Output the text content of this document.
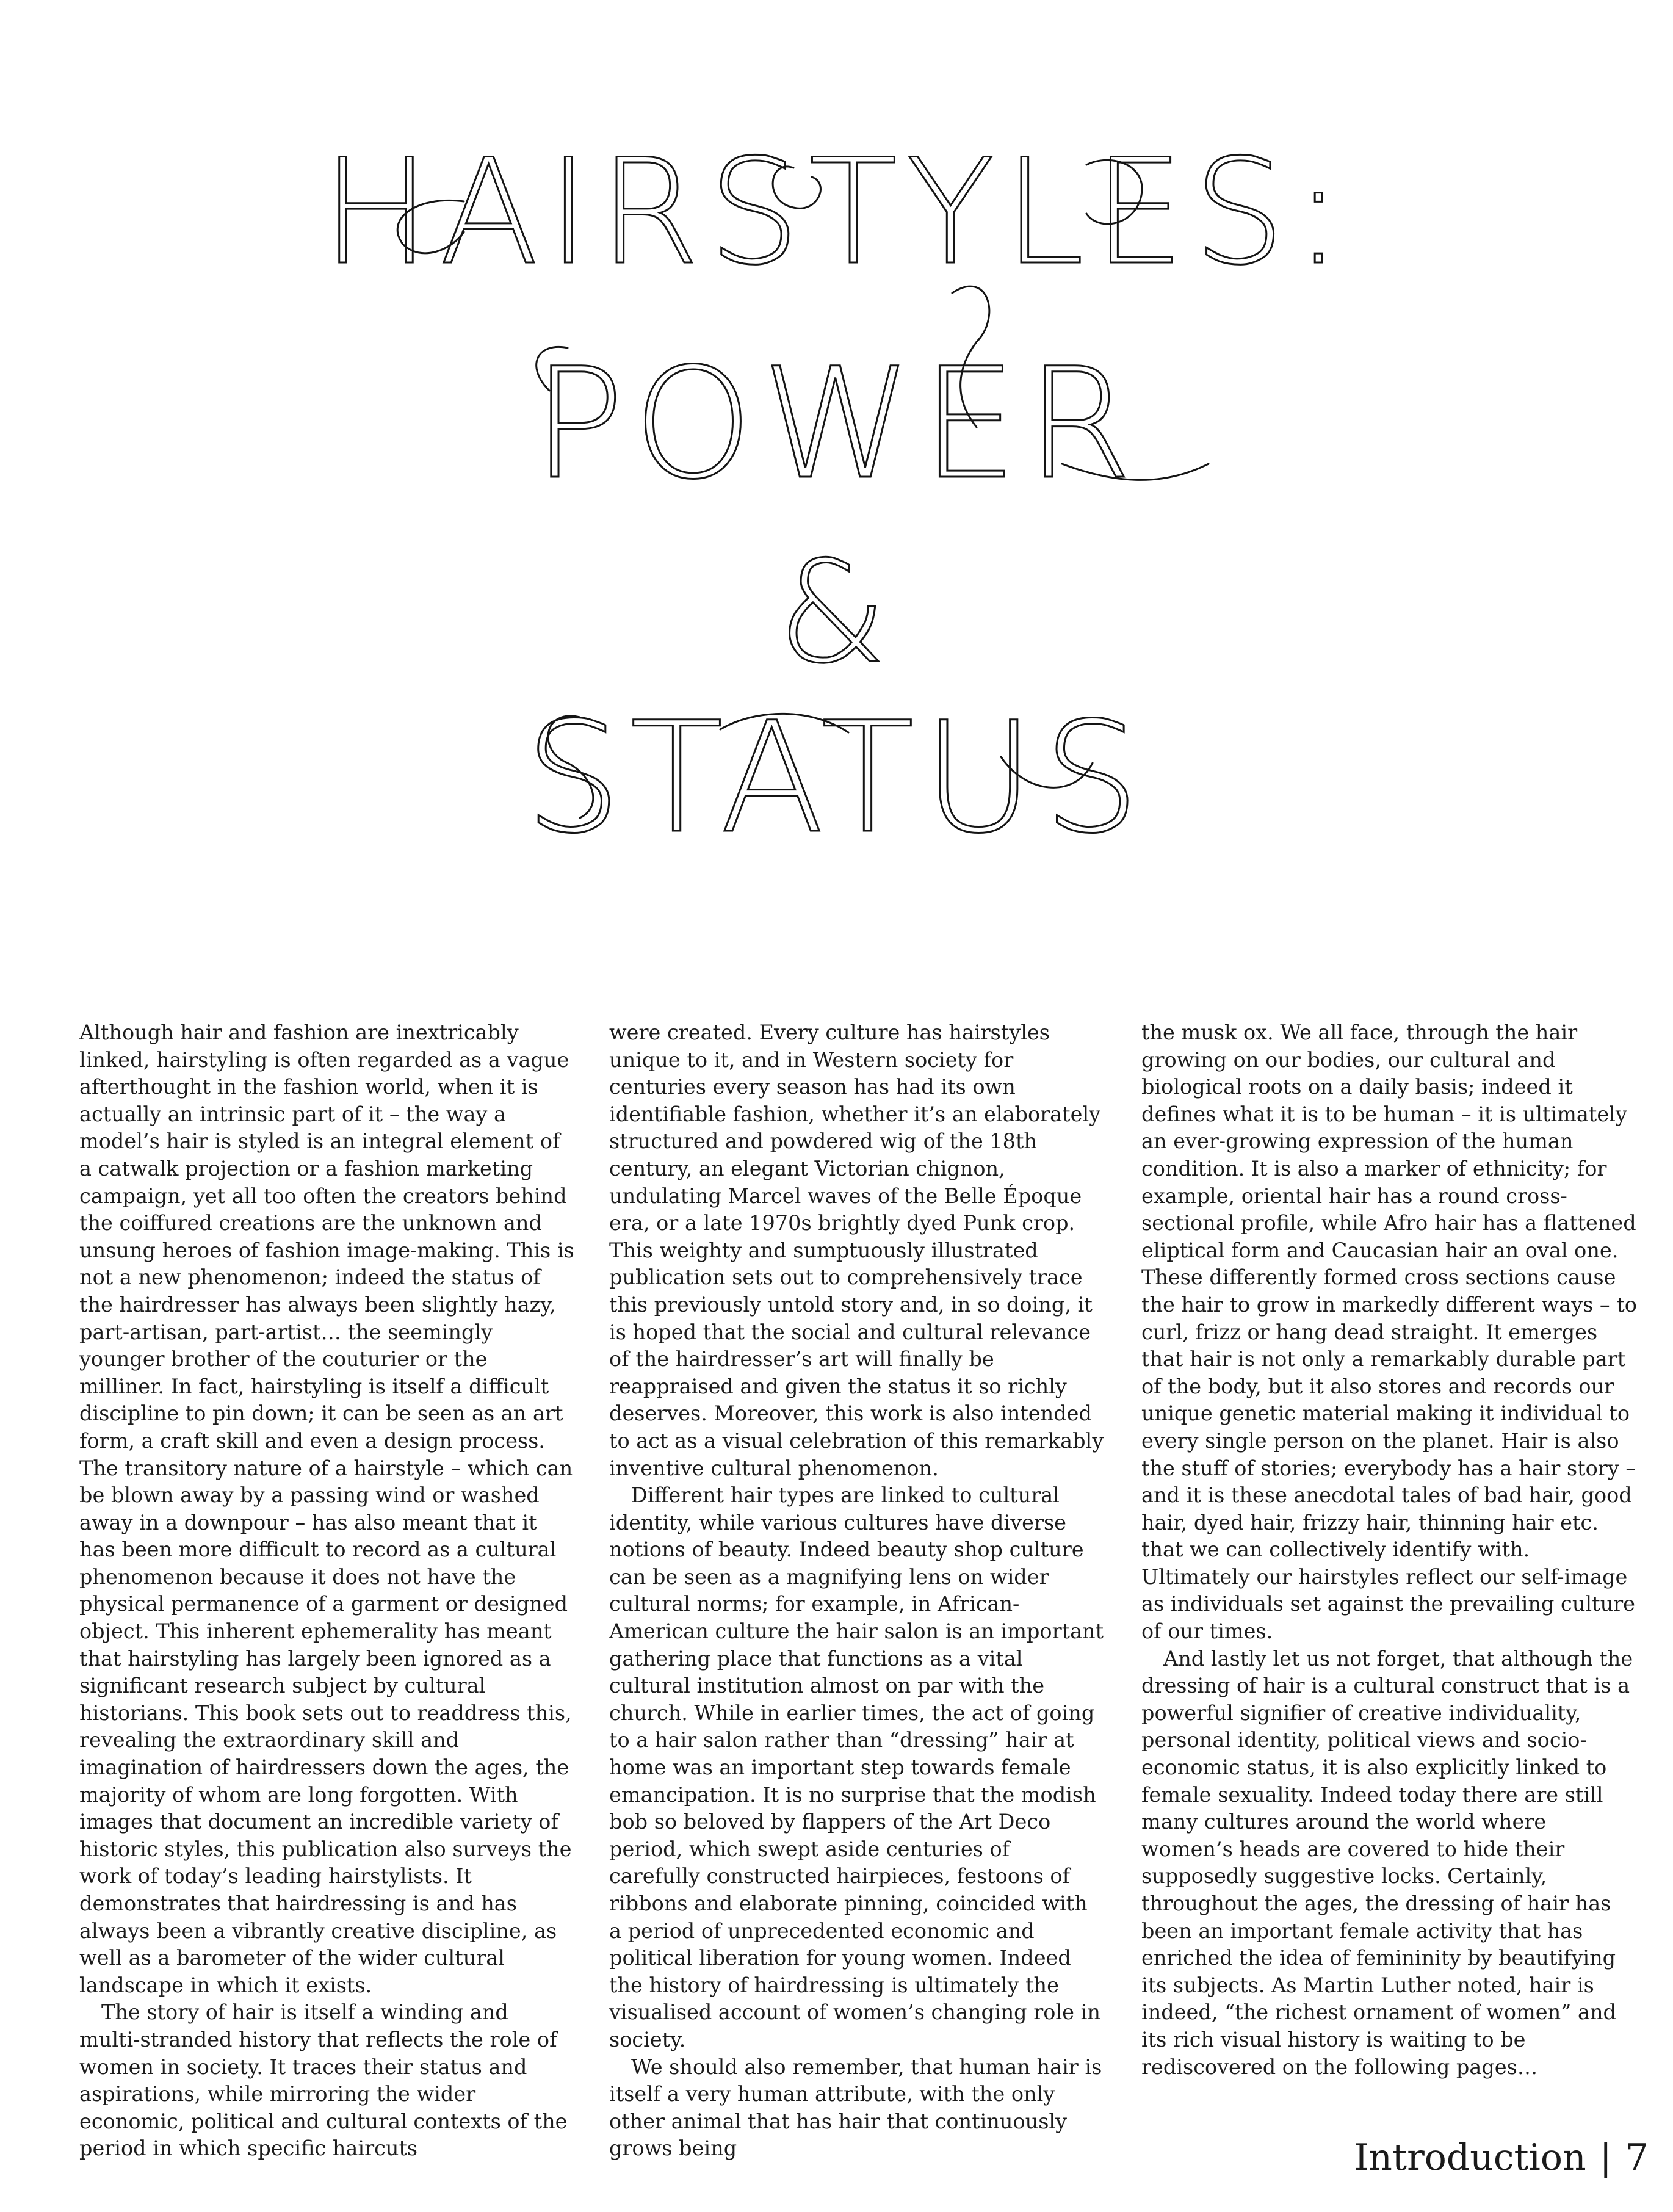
HAIRSTYLES:
POWER
&
STATUS

Although hair and fashion are inextricably linked, hairstyling is often regarded as a vague afterthought in the fashion world, when it is actually an intrinsic part of it – the way a model’s hair is styled is an integral element of a catwalk projection or a fashion marketing campaign, yet all too often the creators behind the coiffured creations are the unknown and unsung heroes of fashion image-making. This is not a new phenomenon; indeed the status of the hairdresser has always been slightly hazy, part-artisan, part-artist… the seemingly younger brother of the couturier or the milliner. In fact, hairstyling is itself a difficult discipline to pin down; it can be seen as an art form, a craft skill and even a design process. The transitory nature of a hairstyle – which can be blown away by a passing wind or washed away in a downpour – has also meant that it has been more difficult to record as a cultural phenomenon because it does not have the physical permanence of a garment or designed object. This inherent ephemerality has meant that hairstyling has largely been ignored as a significant research subject by cultural historians. This book sets out to readdress this, revealing the extraordinary skill and imagination of hairdressers down the ages, the majority of whom are long forgotten. With images that document an incredible variety of historic styles, this publication also surveys the work of today’s leading hairstylists. It demonstrates that hairdressing is and has always been a vibrantly creative discipline, as well as a barometer of the wider cultural landscape in which it exists.

The story of hair is itself a winding and multi-stranded history that reflects the role of women in society. It traces their status and aspirations, while mirroring the wider economic, political and cultural contexts of the period in which specific haircuts

were created. Every culture has hairstyles unique to it, and in Western society for centuries every season has had its own identifiable fashion, whether it’s an elaborately structured and powdered wig of the 18th century, an elegant Victorian chignon, undulating Marcel waves of the Belle Époque era, or a late 1970s brightly dyed Punk crop. This weighty and sumptuously illustrated publication sets out to comprehensively trace this previously untold story and, in so doing, it is hoped that the social and cultural relevance of the hairdresser’s art will finally be reappraised and given the status it so richly deserves. Moreover, this work is also intended to act as a visual celebration of this remarkably inventive cultural phenomenon.

Different hair types are linked to cultural identity, while various cultures have diverse notions of beauty. Indeed beauty shop culture can be seen as a magnifying lens on wider cultural norms; for example, in African-American culture the hair salon is an important gathering place that functions as a vital cultural institution almost on par with the church. While in earlier times, the act of going to a hair salon rather than “dressing” hair at home was an important step towards female emancipation. It is no surprise that the modish bob so beloved by flappers of the Art Deco period, which swept aside centuries of carefully constructed hairpieces, festoons of ribbons and elaborate pinning, coincided with a period of unprecedented economic and political liberation for young women. Indeed the history of hairdressing is ultimately the visualised account of women’s changing role in society.

We should also remember, that human hair is itself a very human attribute, with the only other animal that has hair that continuously grows being

the musk ox. We all face, through the hair growing on our bodies, our cultural and biological roots on a daily basis; indeed it defines what it is to be human – it is ultimately an ever-growing expression of the human condition. It is also a marker of ethnicity; for example, oriental hair has a round cross-sectional profile, while Afro hair has a flattened eliptical form and Caucasian hair an oval one. These differently formed cross sections cause the hair to grow in markedly different ways – to curl, frizz or hang dead straight. It emerges that hair is not only a remarkably durable part of the body, but it also stores and records our unique genetic material making it individual to every single person on the planet. Hair is also the stuff of stories; everybody has a hair story – and it is these anecdotal tales of bad hair, good hair, dyed hair, frizzy hair, thinning hair etc. that we can collectively identify with. Ultimately our hairstyles reflect our self-image as individuals set against the prevailing culture of our times.

And lastly let us not forget, that although the dressing of hair is a cultural construct that is a powerful signifier of creative individuality, personal identity, political views and socio-economic status, it is also explicitly linked to female sexuality. Indeed today there are still many cultures around the world where women’s heads are covered to hide their supposedly suggestive locks. Certainly, throughout the ages, the dressing of hair has been an important female activity that has enriched the idea of femininity by beautifying its subjects. As Martin Luther noted, hair is indeed, “the richest ornament of women” and its rich visual history is waiting to be rediscovered on the following pages…

Introduction | 7
